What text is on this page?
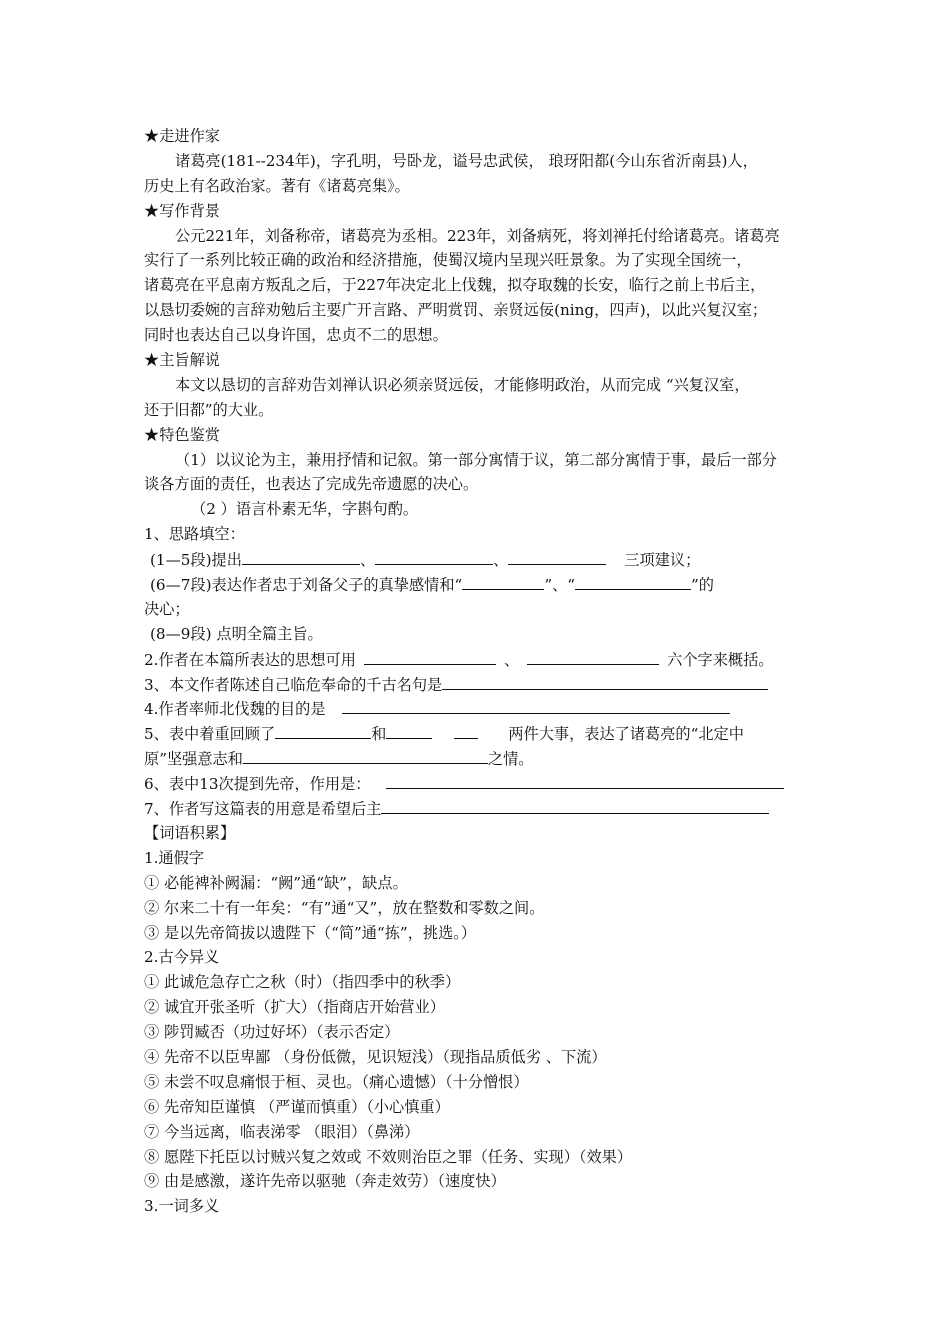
★走进作家
诸葛亮(181--234年)，字孔明，号卧龙，谥号忠武侯， 琅玡阳都(今山东省沂南县)人，
历史上有名政治家。著有《诸葛亮集》。
★写作背景
公元221年，刘备称帝，诸葛亮为丞相。223年，刘备病死，将刘禅托付给诸葛亮。诸葛亮
实行了一系列比较正确的政治和经济措施，使蜀汉境内呈现兴旺景象。为了实现全国统一，
诸葛亮在平息南方叛乱之后，于227年决定北上伐魏，拟夺取魏的长安，临行之前上书后主，
以恳切委婉的言辞劝勉后主要广开言路、严明赏罚、亲贤远佞(ning，四声)，以此兴复汉室；
同时也表达自己以身许国，忠贞不二的思想。
★主旨解说
本文以恳切的言辞劝告刘禅认识必须亲贤远佞，才能修明政治，从而完成 “兴复汉室，
还于旧都”的大业。
★特色鉴赏
（1）以议论为主，兼用抒情和记叙。第一部分寓情于议，第二部分寓情于事，最后一部分
谈各方面的责任，也表达了完成先帝遗愿的决心。
（2 ）语言朴素无华，字斟句酌。
1、思路填空：
(1—5段)提出	、	、	三项建议；
(6—7段)表达作者忠于刘备父子的真挚感情和“	”、“	”的
决心；
(8—9段) 点明全篇主旨。
2.作者在本篇所表达的思想可用	、	六个字来概括。
3、本文作者陈述自己临危奉命的千古名句是
4.作者率师北伐魏的目的是
5、表中着重回顾了	和	两件大事，表达了诸葛亮的“北定中
原”坚强意志和	之情。
6、表中13次提到先帝，作用是：
7、作者写这篇表的用意是希望后主
【词语积累】
1.通假字
① 必能裨补阙漏：“阙”通“缺”，缺点。
② 尔来二十有一年矣：“有”通“又”，放在整数和零数之间。
③ 是以先帝简拔以遗陛下（“简”通“拣”，挑选。）
2.古今异义
① 此诚危急存亡之秋（时）（指四季中的秋季）
② 诚宜开张圣听（扩大）（指商店开始营业）
③ 陟罚臧否（功过好坏）（表示否定）
④ 先帝不以臣卑鄙 （身份低微，见识短浅）（现指品质低劣 、下流）
⑤ 未尝不叹息痛恨于桓、灵也。（痛心遗憾）（十分憎恨）
⑥ 先帝知臣谨慎 （严谨而慎重）（小心慎重）
⑦ 今当远离，临表涕零 （眼泪）（鼻涕）
⑧ 愿陛下托臣以讨贼兴复之效或 不效则治臣之罪（任务、实现）（效果）
⑨ 由是感激，遂许先帝以驱驰（奔走效劳）（速度快）
3.一词多义
